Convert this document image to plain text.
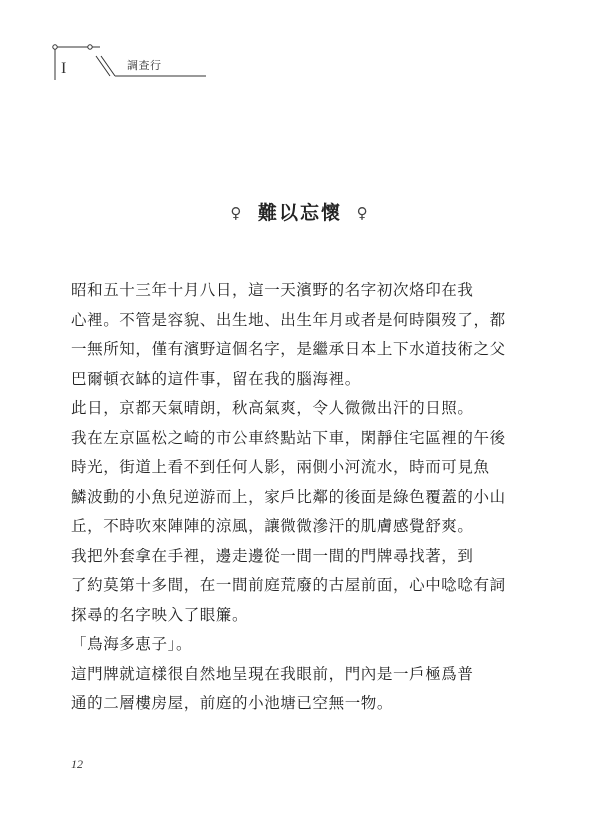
I	調查行
♀ 難以忘懷 ♀

昭和五十三年十月八日，這一天濱野的名字初次烙印在我
心裡。不管是容貌、出生地、出生年月或者是何時隕歿了，都
一無所知，僅有濱野這個名字，是繼承日本上下水道技術之父
巴爾頓衣缽的這件事，留在我的腦海裡。

此日，京都天氣晴朗，秋高氣爽，令人微微出汗的日照。
我在左京區松之崎的市公車終點站下車，閑靜住宅區裡的午後
時光，街道上看不到任何人影，兩側小河流水，時而可見魚
鱗波動的小魚兒逆游而上，家戶比鄰的後面是綠色覆蓋的小山
丘，不時吹來陣陣的涼風，讓微微滲汗的肌膚感覺舒爽。

我把外套拿在手裡，邊走邊從一間一間的門牌尋找著，到
了約莫第十多間，在一間前庭荒廢的古屋前面，心中唸唸有詞
探尋的名字映入了眼簾。

「鳥海多恵子」。

這門牌就這樣很自然地呈現在我眼前，門內是一戶極爲普
通的二層樓房屋，前庭的小池塘已空無一物。

12
